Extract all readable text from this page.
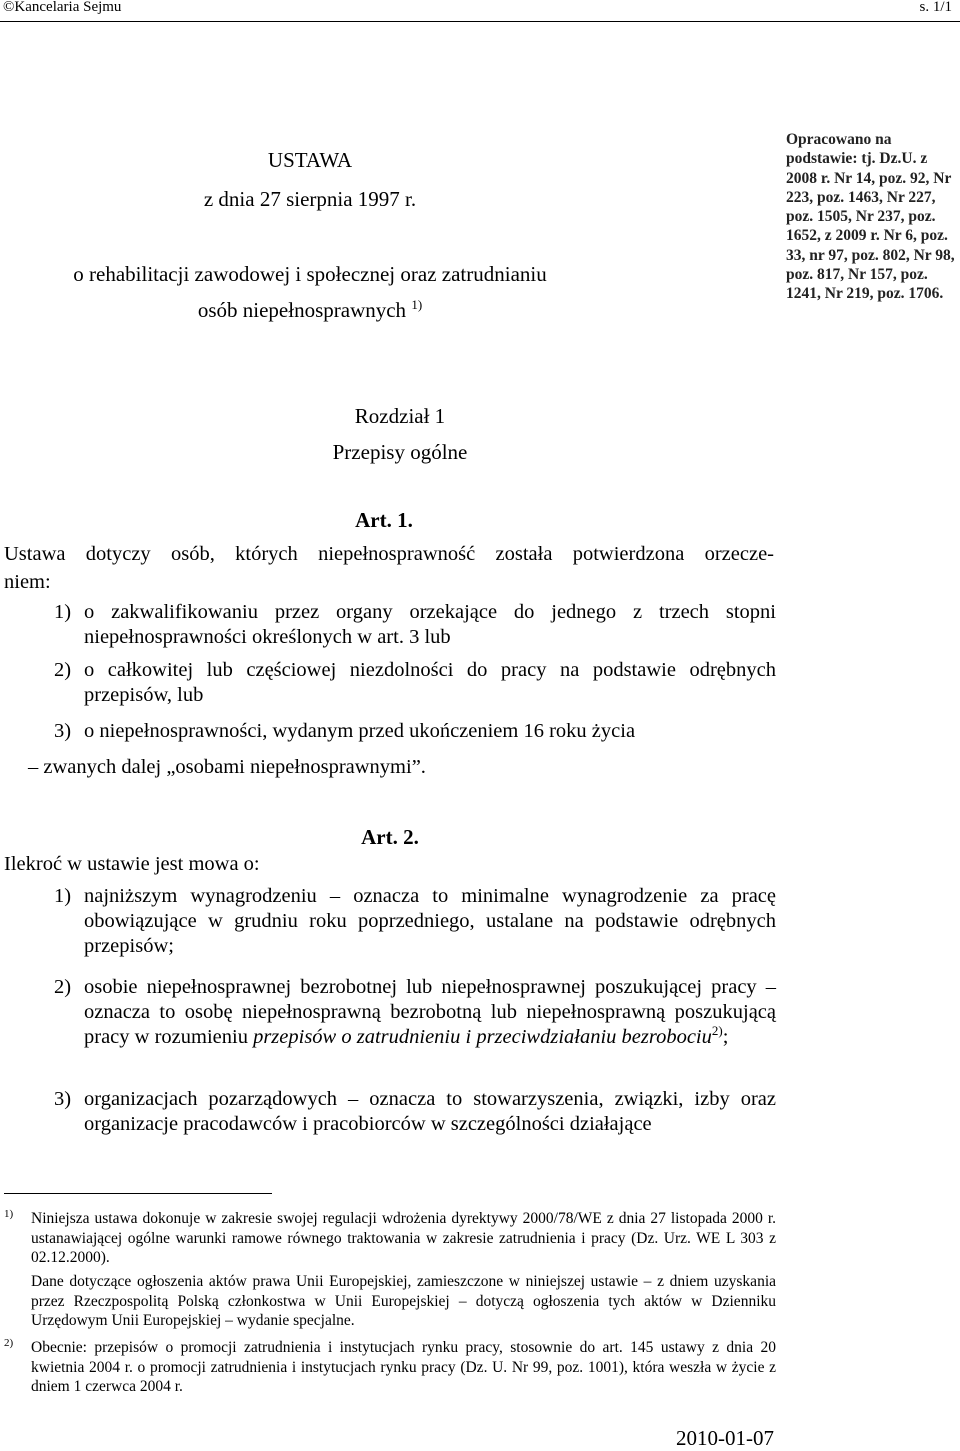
©Kancelaria Sejmu	s. 1/1
USTAWA
z dnia 27 sierpnia 1997 r.
o rehabilitacji zawodowej i społecznej oraz zatrudnianiu
osób niepełnosprawnych $^{1)}$
Opracowano na podstawie: tj. Dz.U. z 2008 r. Nr 14, poz. 92, Nr 223, poz. 1463, Nr 227, poz. 1505, Nr 237, poz. 1652, z 2009 r. Nr 6, poz. 33, nr 97, poz. 802, Nr 98, poz. 817, Nr 157, poz. 1241, Nr 219, poz. 1706.
Rozdział 1
Przepisy ogólne
Art. 1.
Ustawa dotyczy osób, których niepełnosprawność została potwierdzona orzecze-
niem:
1) o zakwalifikowaniu przez organy orzekające do jednego z trzech stopni niepełnosprawności określonych w art. 3 lub
2) o całkowitej lub częściowej niezdolności do pracy na podstawie odrębnych przepisów, lub
3) o niepełnosprawności, wydanym przed ukończeniem 16 roku życia
– zwanych dalej „osobami niepełnosprawnymi”.
Art. 2.
Ilekroć w ustawie jest mowa o:
1) najniższym wynagrodzeniu – oznacza to minimalne wynagrodzenie za pracę obowiązujące w grudniu roku poprzedniego, ustalane na podstawie odrębnych przepisów;
2) osobie niepełnosprawnej bezrobotnej lub niepełnosprawnej poszukującej pracy – oznacza to osobę niepełnosprawną bezrobotną lub niepełnosprawną poszukującą pracy w rozumieniu przepisów o zatrudnieniu i przeciwdziałaniu bezrobociu$^{2)}$;
3) organizacjach pozarządowych – oznacza to stowarzyszenia, związki, izby oraz organizacje pracodawców i pracobiorców w szczególności działające
1) Niniejsza ustawa dokonuje w zakresie swojej regulacji wdrożenia dyrektywy 2000/78/WE z dnia 27 listopada 2000 r. ustanawiającej ogólne warunki ramowe równego traktowania w zakresie zatrudnienia i pracy (Dz. Urz. WE L 303 z 02.12.2000).
Dane dotyczące ogłoszenia aktów prawa Unii Europejskiej, zamieszczone w niniejszej ustawie – z dniem uzyskania przez Rzeczpospolitą Polską członkostwa w Unii Europejskiej – dotyczą ogłoszenia tych aktów w Dzienniku Urzędowym Unii Europejskiej – wydanie specjalne.
2) Obecnie: przepisów o promocji zatrudnienia i instytucjach rynku pracy, stosownie do art. 145 ustawy z dnia 20 kwietnia 2004 r. o promocji zatrudnienia i instytucjach rynku pracy (Dz. U. Nr 99, poz. 1001), która weszła w życie z dniem 1 czerwca 2004 r.
2010-01-07
